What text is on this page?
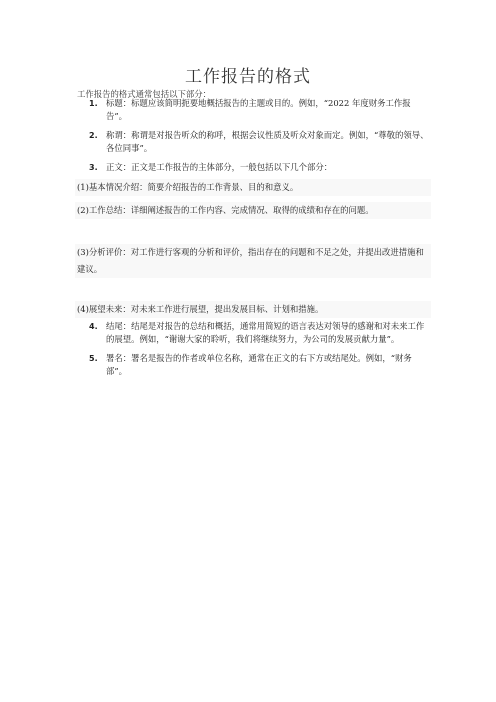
工作报告的格式
工作报告的格式通常包括以下部分：
1. 标题：标题应该简明扼要地概括报告的主题或目的。例如，“2022 年度财务工作报告”。
2. 称谓：称谓是对报告听众的称呼，根据会议性质及听众对象而定。例如，“尊敬的领导、各位同事”。
3. 正文：正文是工作报告的主体部分，一般包括以下几个部分：
(1)基本情况介绍：简要介绍报告的工作背景、目的和意义。
(2)工作总结：详细阐述报告的工作内容、完成情况、取得的成绩和存在的问题。
(3)分析评价：对工作进行客观的分析和评价，指出存在的问题和不足之处，并提出改进措施和建议。
(4)展望未来：对未来工作进行展望，提出发展目标、计划和措施。
4. 结尾：结尾是对报告的总结和概括，通常用简短的语言表达对领导的感谢和对未来工作的展望。例如，“谢谢大家的聆听，我们将继续努力，为公司的发展贡献力量”。
5. 署名：署名是报告的作者或单位名称，通常在正文的右下方或结尾处。例如，“财务部”。
